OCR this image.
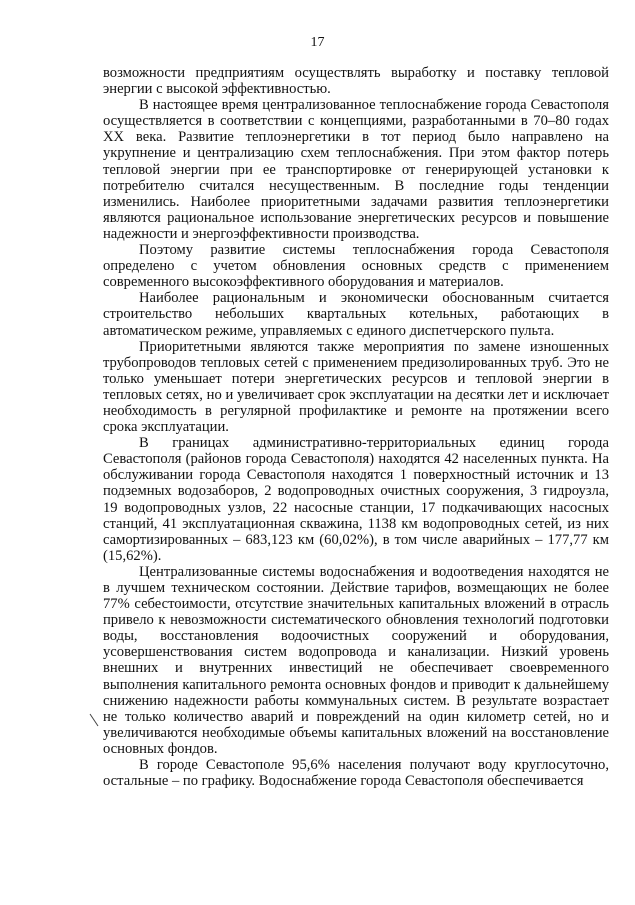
17

возможности предприятиям осуществлять выработку и поставку тепловой энергии с высокой эффективностью.

В настоящее время централизованное теплоснабжение города Севастополя осуществляется в соответствии с концепциями, разработанными в 70–80 годах XX века. Развитие теплоэнергетики в тот период было направлено на укрупнение и централизацию схем теплоснабжения. При этом фактор потерь тепловой энергии при ее транспортировке от генерирующей установки к потребителю считался несущественным. В последние годы тенденции изменились. Наиболее приоритетными задачами развития теплоэнергетики являются рациональное использование энергетических ресурсов и повышение надежности и энергоэффективности производства.

Поэтому развитие системы теплоснабжения города Севастополя определено с учетом обновления основных средств с применением современного высокоэффективного оборудования и материалов.

Наиболее рациональным и экономически обоснованным считается строительство небольших квартальных котельных, работающих в автоматическом режиме, управляемых с единого диспетчерского пульта.

Приоритетными являются также мероприятия по замене изношенных трубопроводов тепловых сетей с применением предизолированных труб. Это не только уменьшает потери энергетических ресурсов и тепловой энергии в тепловых сетях, но и увеличивает срок эксплуатации на десятки лет и исключает необходимость в регулярной профилактике и ремонте на протяжении всего срока эксплуатации.

В границах административно-территориальных единиц города Севастополя (районов города Севастополя) находятся 42 населенных пункта. На обслуживании города Севастополя находятся 1 поверхностный источник и 13 подземных водозаборов, 2 водопроводных очистных сооружения, 3 гидроузла, 19 водопроводных узлов, 22 насосные станции, 17 подкачивающих насосных станций, 41 эксплуатационная скважина, 1138 км водопроводных сетей, из них самортизированных – 683,123 км (60,02%), в том числе аварийных – 177,77 км (15,62%).

Централизованные системы водоснабжения и водоотведения находятся не в лучшем техническом состоянии. Действие тарифов, возмещающих не более 77% себестоимости, отсутствие значительных капитальных вложений в отрасль привело к невозможности систематического обновления технологий подготовки воды, восстановления водоочистных сооружений и оборудования, усовершенствования систем водопровода и канализации. Низкий уровень внешних и внутренних инвестиций не обеспечивает своевременного выполнения капитального ремонта основных фондов и приводит к дальнейшему снижению надежности работы коммунальных систем. В результате возрастает не только количество аварий и повреждений на один километр сетей, но и увеличиваются необходимые объемы капитальных вложений на восстановление основных фондов.

В городе Севастополе 95,6% населения получают воду круглосуточно, остальные – по графику. Водоснабжение города Севастополя обеспечивается
